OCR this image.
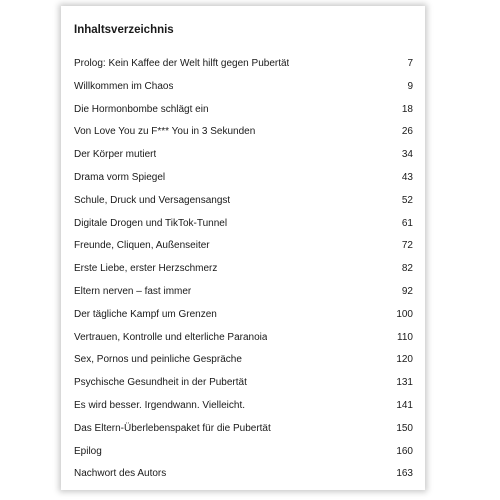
Inhaltsverzeichnis
Prolog: Kein Kaffee der Welt hilft gegen Pubertät	7
Willkommen im Chaos	9
Die Hormonbombe schlägt ein	18
Von Love You zu F*** You in 3 Sekunden	26
Der Körper mutiert	34
Drama vorm Spiegel	43
Schule, Druck und Versagensangst	52
Digitale Drogen und TikTok-Tunnel	61
Freunde, Cliquen, Außenseiter	72
Erste Liebe, erster Herzschmerz	82
Eltern nerven – fast immer	92
Der tägliche Kampf um Grenzen	100
Vertrauen, Kontrolle und elterliche Paranoia	110
Sex, Pornos und peinliche Gespräche	120
Psychische Gesundheit in der Pubertät	131
Es wird besser. Irgendwann. Vielleicht.	141
Das Eltern-Überlebenspaket für die Pubertät	150
Epilog	160
Nachwort des Autors	163
